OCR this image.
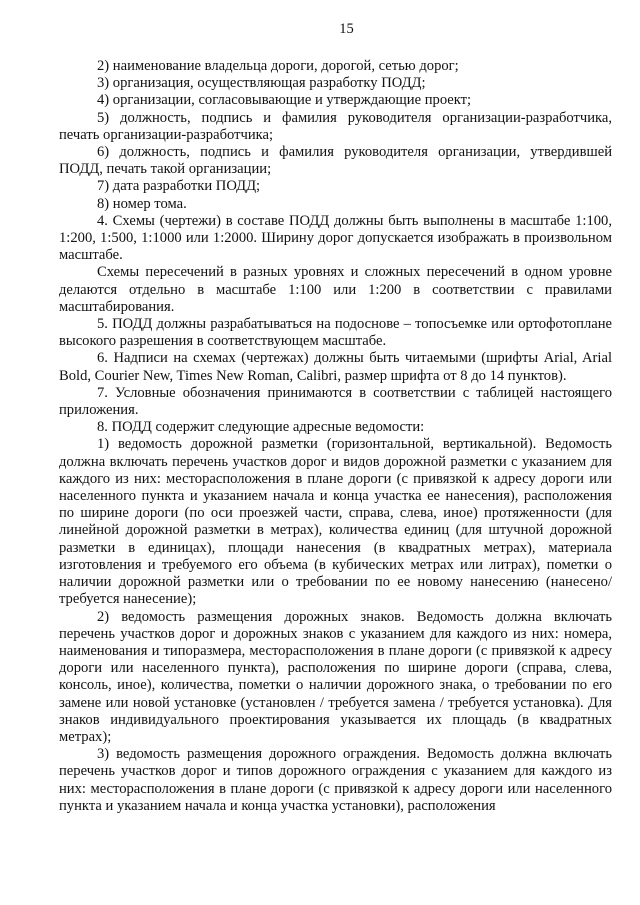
15

2) наименование владельца дороги, дорогой, сетью дорог;

3) организация, осуществляющая разработку ПОДД;

4) организации, согласовывающие и утверждающие проект;

5) должность, подпись и фамилия руководителя организации-разработчика, печать организации-разработчика;

6) должность, подпись и фамилия руководителя организации, утвердившей ПОДД, печать такой организации;

7) дата разработки ПОДД;

8) номер тома.

4. Схемы (чертежи) в составе ПОДД должны быть выполнены в масштабе 1:100, 1:200, 1:500, 1:1000 или 1:2000. Ширину дорог допускается изображать в произвольном масштабе.

Схемы пересечений в разных уровнях и сложных пересечений в одном уровне делаются отдельно в масштабе 1:100 или 1:200 в соответствии с правилами масштабирования.

5. ПОДД должны разрабатываться на подоснове – топосъемке или ортофотоплане высокого разрешения в соответствующем масштабе.

6. Надписи на схемах (чертежах) должны быть читаемыми (шрифты Arial, Arial Bold, Courier New, Times New Roman, Calibri, размер шрифта от 8 до 14 пунктов).

7. Условные обозначения принимаются в соответствии с таблицей настоящего приложения.

8. ПОДД содержит следующие адресные ведомости:

1) ведомость дорожной разметки (горизонтальной, вертикальной). Ведомость должна включать перечень участков дорог и видов дорожной разметки с указанием для каждого из них: месторасположения в плане дороги (с привязкой к адресу дороги или населенного пункта и указанием начала и конца участка ее нанесения), расположения по ширине дороги (по оси проезжей части, справа, слева, иное) протяженности (для линейной дорожной разметки в метрах), количества единиц (для штучной дорожной разметки в единицах), площади нанесения (в квадратных метрах), материала изготовления и требуемого его объема (в кубических метрах или литрах), пометки о наличии дорожной разметки или о требовании по ее новому нанесению (нанесено/ требуется нанесение);

2) ведомость размещения дорожных знаков. Ведомость должна включать перечень участков дорог и дорожных знаков с указанием для каждого из них: номера, наименования и типоразмера, месторасположения в плане дороги (с привязкой к адресу дороги или населенного пункта), расположения по ширине дороги (справа, слева, консоль, иное), количества, пометки о наличии дорожного знака, о требовании по его замене или новой установке (установлен / требуется замена / требуется установка). Для знаков индивидуального проектирования указывается их площадь (в квадратных метрах);

3) ведомость размещения дорожного ограждения. Ведомость должна включать перечень участков дорог и типов дорожного ограждения с указанием для каждого из них: месторасположения в плане дороги (с привязкой к адресу дороги или населенного пункта и указанием начала и конца участка установки), расположения
